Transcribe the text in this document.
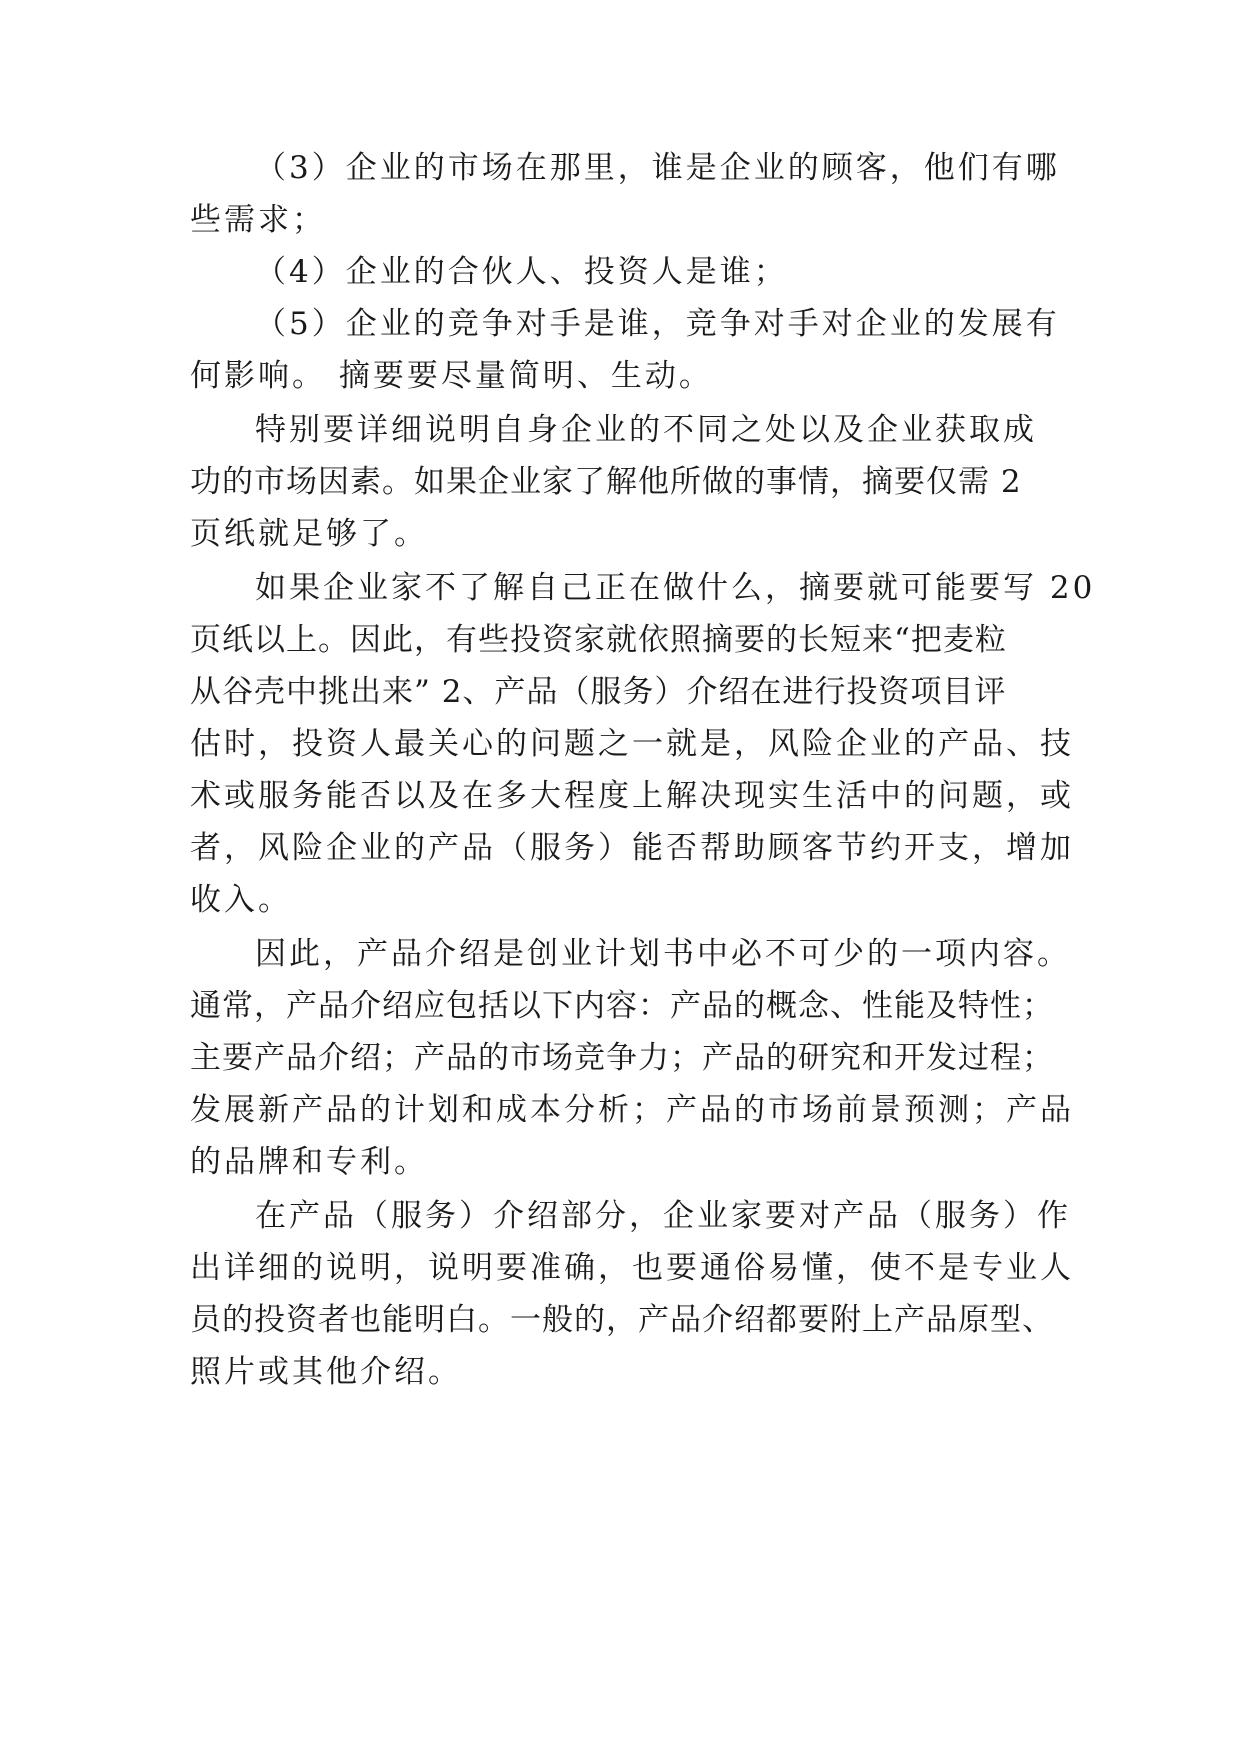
（3）企业的市场在那里，谁是企业的顾客，他们有哪
些需求；
（4）企业的合伙人、投资人是谁；
（5）企业的竞争对手是谁，竞争对手对企业的发展有
何影响。 摘要要尽量简明、生动。
特别要详细说明自身企业的不同之处以及企业获取成
功的市场因素。如果企业家了解他所做的事情，摘要仅需 2
页纸就足够了。
如果企业家不了解自己正在做什么，摘要就可能要写 20
页纸以上。因此，有些投资家就依照摘要的长短来“把麦粒
从谷壳中挑出来” 2、产品（服务）介绍在进行投资项目评
估时，投资人最关心的问题之一就是，风险企业的产品、技
术或服务能否以及在多大程度上解决现实生活中的问题，或
者，风险企业的产品（服务）能否帮助顾客节约开支，增加
收入。
因此，产品介绍是创业计划书中必不可少的一项内容。
通常，产品介绍应包括以下内容：产品的概念、性能及特性；
主要产品介绍；产品的市场竞争力；产品的研究和开发过程；
发展新产品的计划和成本分析；产品的市场前景预测；产品
的品牌和专利。
在产品（服务）介绍部分，企业家要对产品（服务）作
出详细的说明，说明要准确，也要通俗易懂，使不是专业人
员的投资者也能明白。一般的，产品介绍都要附上产品原型、
照片或其他介绍。
